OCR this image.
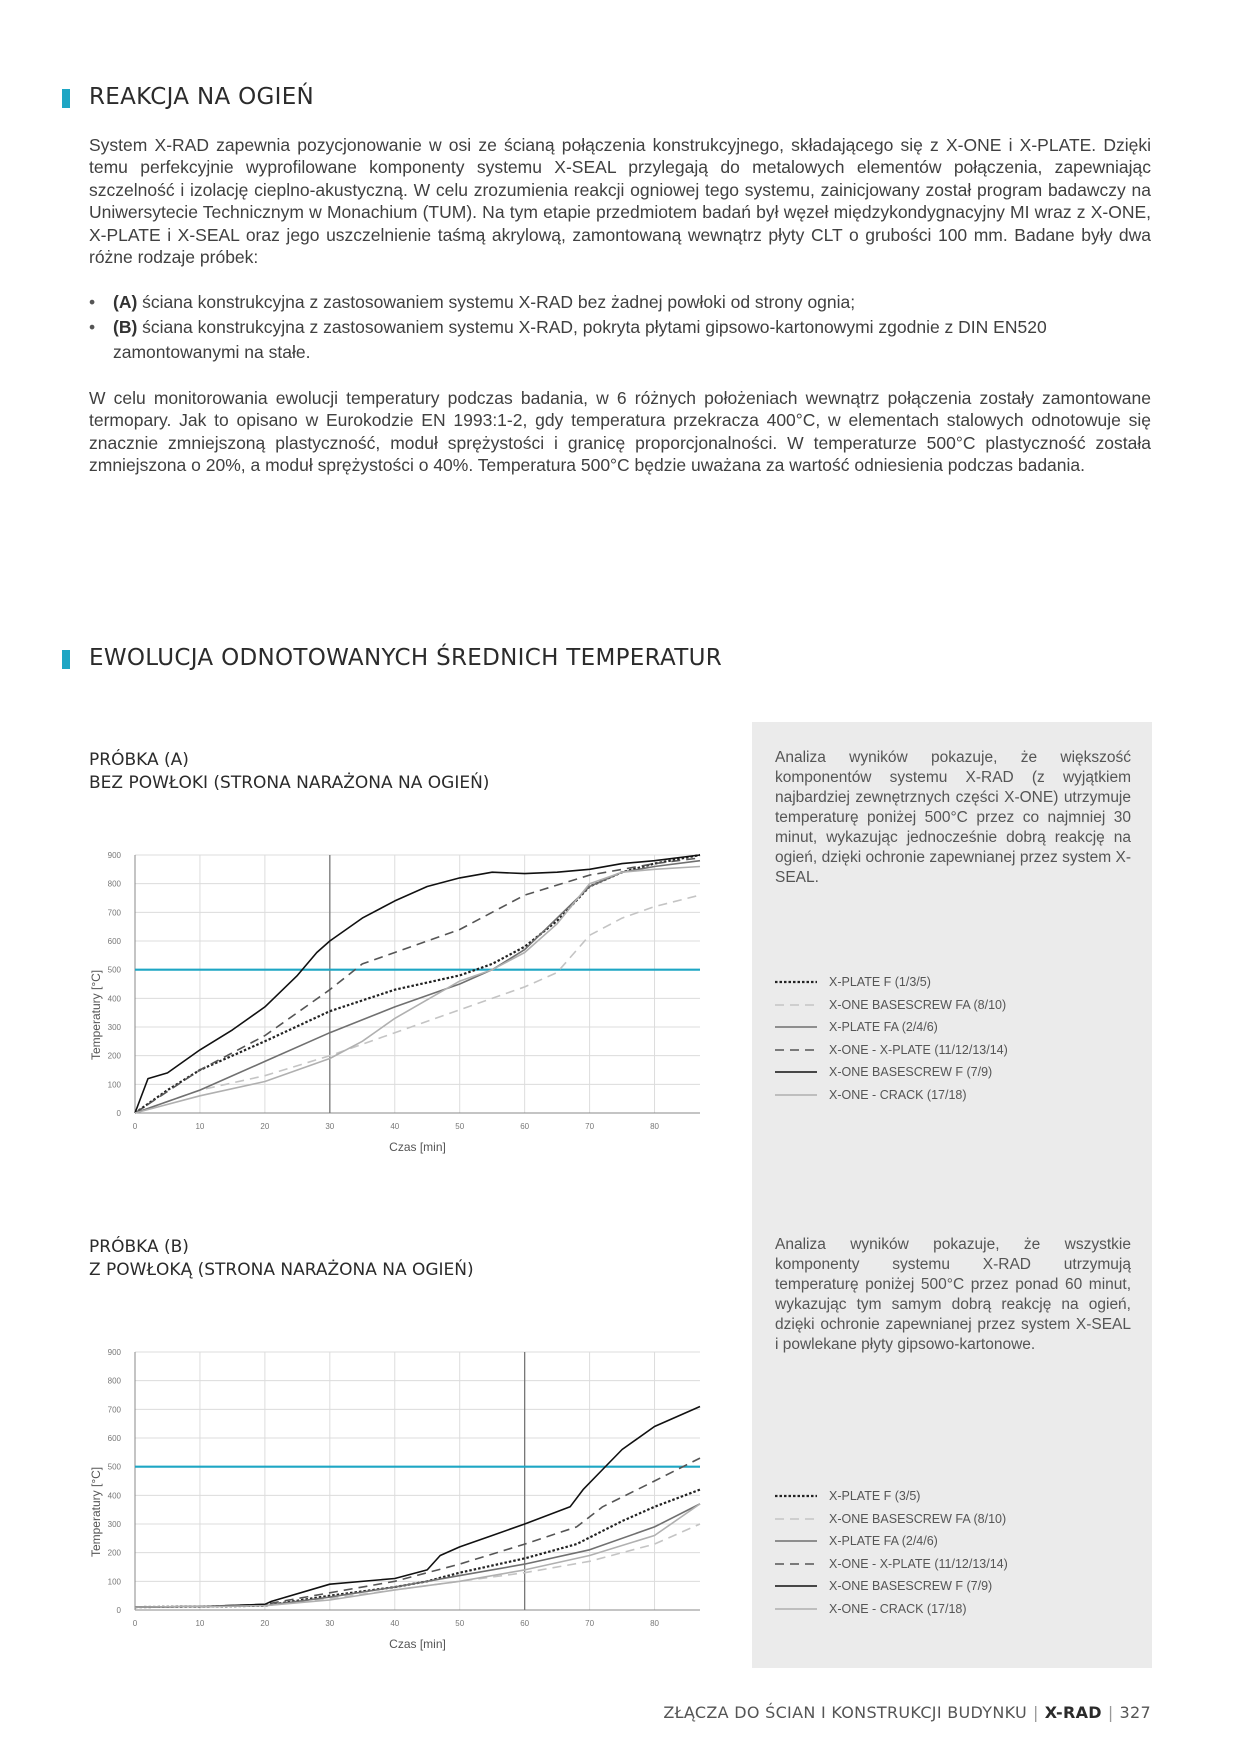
REAKCJA NA OGIEŃ

System X-RAD zapewnia pozycjonowanie w osi ze ścianą połączenia konstrukcyjnego, składającego się z X-ONE i X-PLATE. Dzięki temu perfekcyjnie wyprofilowane komponenty systemu X-SEAL przylegają do metalowych elementów połączenia, zapewniając szczelność i izolację cieplno-akustyczną. W celu zrozumienia reakcji ogniowej tego systemu, zainicjowany został program badawczy na Uniwersytecie Technicznym w Monachium (TUM). Na tym etapie przedmiotem badań był węzeł międzykondygnacyjny MI wraz z X-ONE, X-PLATE i X-SEAL oraz jego uszczelnienie taśmą akrylową, zamontowaną wewnątrz płyty CLT o grubości 100 mm. Badane były dwa różne rodzaje próbek:

• (A) ściana konstrukcyjna z zastosowaniem systemu X-RAD bez żadnej powłoki od strony ognia;
• (B) ściana konstrukcyjna z zastosowaniem systemu X-RAD, pokryta płytami gipsowo-kartonowymi zgodnie z DIN EN520 zamontowanymi na stałe.

W celu monitorowania ewolucji temperatury podczas badania, w 6 różnych położeniach wewnątrz połączenia zostały zamontowane termopary. Jak to opisano w Eurokodzie EN 1993:1-2, gdy temperatura przekracza 400°C, w elementach stalowych odnotowuje się znacznie zmniejszoną plastyczność, moduł sprężystości i granicę proporcjonalności. W temperaturze 500°C plastyczność została zmniejszona o 20%, a moduł sprężystości o 40%. Temperatura 500°C będzie uważana za wartość odniesienia podczas badania.

EWOLUCJA ODNOTOWANYCH ŚREDNICH TEMPERATUR
PRÓBKA (A)
BEZ POWŁOKI (STRONA NARAŻONA NA OGIEŃ)
0
100
200
300
400
500
600
700
800
900
0	10	20	30	40	50	60	70	80
Czas [min]
Temperatury [°C]

Analiza wyników pokazuje, że większość komponentów systemu X-RAD (z wyjątkiem najbardziej zewnętrznych części X-ONE) utrzymuje temperaturę poniżej 500°C przez co najmniej 30 minut, wykazując jednocześnie dobrą reakcję na ogień, dzięki ochronie zapewnianej przez system X-SEAL.

X-PLATE F (1/3/5)
X-ONE BASESCREW FA (8/10)
X-PLATE FA (2/4/6)
X-ONE - X-PLATE (11/12/13/14)
X-ONE BASESCREW F (7/9)
X-ONE - CRACK (17/18)
PRÓBKA (B)
Z POWŁOKĄ (STRONA NARAŻONA NA OGIEŃ)
0
100
200
300
400
500
600
700
800
900
0	10	20	30	40	50	60	70	80
Czas [min]
Temperatury [°C]

Analiza wyników pokazuje, że wszystkie komponenty systemu X-RAD utrzymują temperaturę poniżej 500°C przez ponad 60 minut, wykazując tym samym dobrą reakcję na ogień, dzięki ochronie zapewnianej przez system X-SEAL i powlekane płyty gipsowo-kartonowe.

X-PLATE F (3/5)
X-ONE BASESCREW FA (8/10)
X-PLATE FA (2/4/6)
X-ONE - X-PLATE (11/12/13/14)
X-ONE BASESCREW F (7/9)
X-ONE - CRACK (17/18)
ZŁĄCZA DO ŚCIAN I KONSTRUKCJI BUDYNKU | X-RAD | 327
